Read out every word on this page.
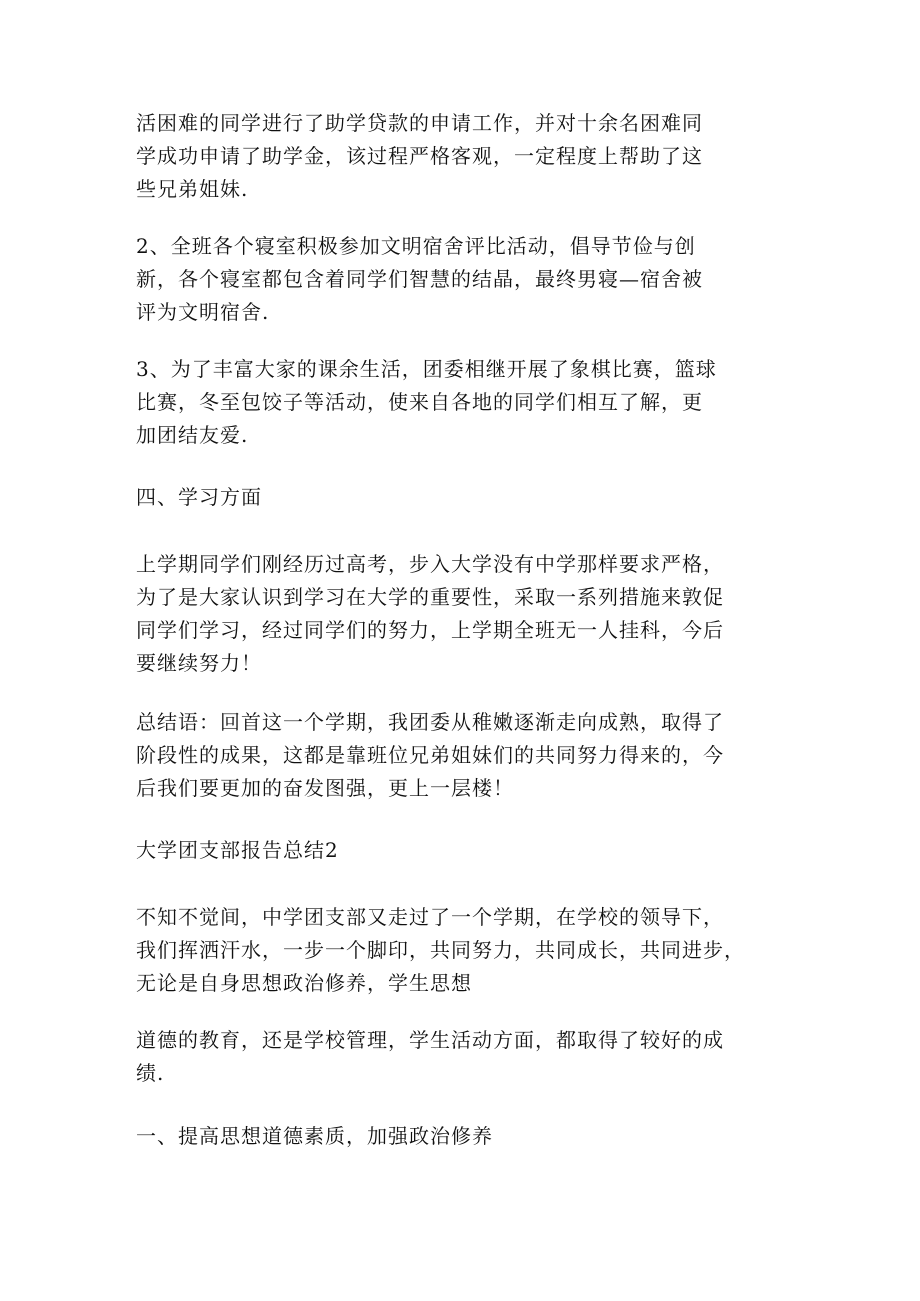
活困难的同学进行了助学贷款的申请工作，并对十余名困难同
学成功申请了助学金，该过程严格客观，一定程度上帮助了这
些兄弟姐妹.

2、全班各个寝室积极参加文明宿舍评比活动，倡导节俭与创
新，各个寝室都包含着同学们智慧的结晶，最终男寝—宿舍被
评为文明宿舍.

3、为了丰富大家的课余生活，团委相继开展了象棋比赛，篮球
比赛，冬至包饺子等活动，使来自各地的同学们相互了解，更
加团结友爱.

四、学习方面

上学期同学们刚经历过高考，步入大学没有中学那样要求严格，
为了是大家认识到学习在大学的重要性，采取一系列措施来敦促
同学们学习，经过同学们的努力，上学期全班无一人挂科，今后
要继续努力！

总结语：回首这一个学期，我团委从稚嫩逐渐走向成熟，取得了
阶段性的成果，这都是靠班位兄弟姐妹们的共同努力得来的，今
后我们要更加的奋发图强，更上一层楼！

大学团支部报告总结2

不知不觉间，中学团支部又走过了一个学期，在学校的领导下，
我们挥洒汗水，一步一个脚印，共同努力，共同成长，共同进步，
无论是自身思想政治修养，学生思想

道德的教育，还是学校管理，学生活动方面，都取得了较好的成
绩.

一、提高思想道德素质，加强政治修养
